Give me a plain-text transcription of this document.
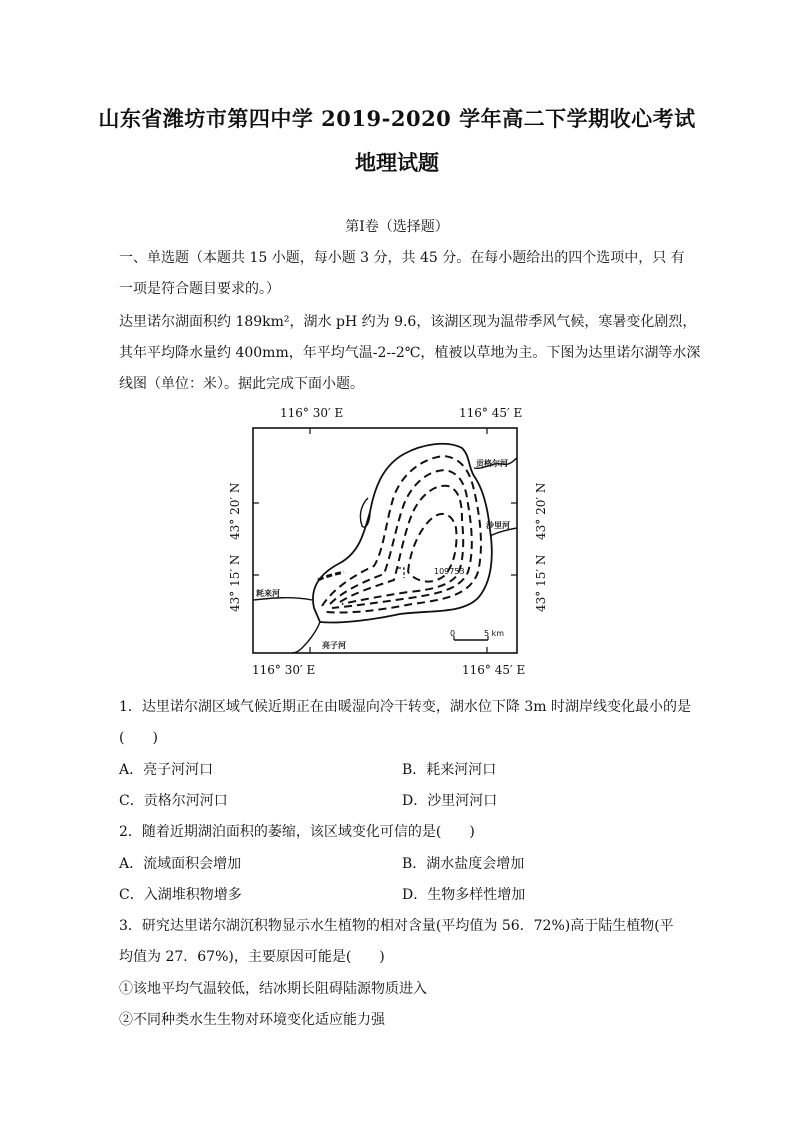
山东省潍坊市第四中学 2019-2020 学年高二下学期收心考试
地理试题
第Ⅰ卷（选择题）
一、单选题（本题共 15 小题，每小题 3 分，共 45 分。在每小题给出的四个选项中，只 有
一项是符合题目要求的。）
达里诺尔湖面积约 189km²，湖水 pH 约为 9.6，该湖区现为温带季风气候，寒暑变化剧烈，
其年平均降水量约 400mm，年平均气温-2--2℃，植被以草地为主。下图为达里诺尔湖等水深
线图（单位：米）。据此完成下面小题。
116° 30′ E	116° 45′ E
43° 20′ N
43° 15′ N
43° 20′ N
43° 15′ N
贡格尔河
沙里河
耗来河
亮子河
109753
0	5 km
116° 30′ E	116° 45′ E
1．达里诺尔湖区域气候近期正在由暖湿向冷干转变，湖水位下降 3m 时湖岸线变化最小的是
(　　)
A．亮子河河口	B．耗来河河口
C．贡格尔河河口	D．沙里河河口
2．随着近期湖泊面积的萎缩，该区域变化可信的是(　　)
A．流域面积会增加	B．湖水盐度会增加
C．入湖堆积物增多	D．生物多样性增加
3．研究达里诺尔湖沉积物显示水生植物的相对含量(平均值为 56．72%)高于陆生植物(平
均值为 27．67%)，主要原因可能是(　　)
①该地平均气温较低，结冰期长阻碍陆源物质进入
②不同种类水生生物对环境变化适应能力强
